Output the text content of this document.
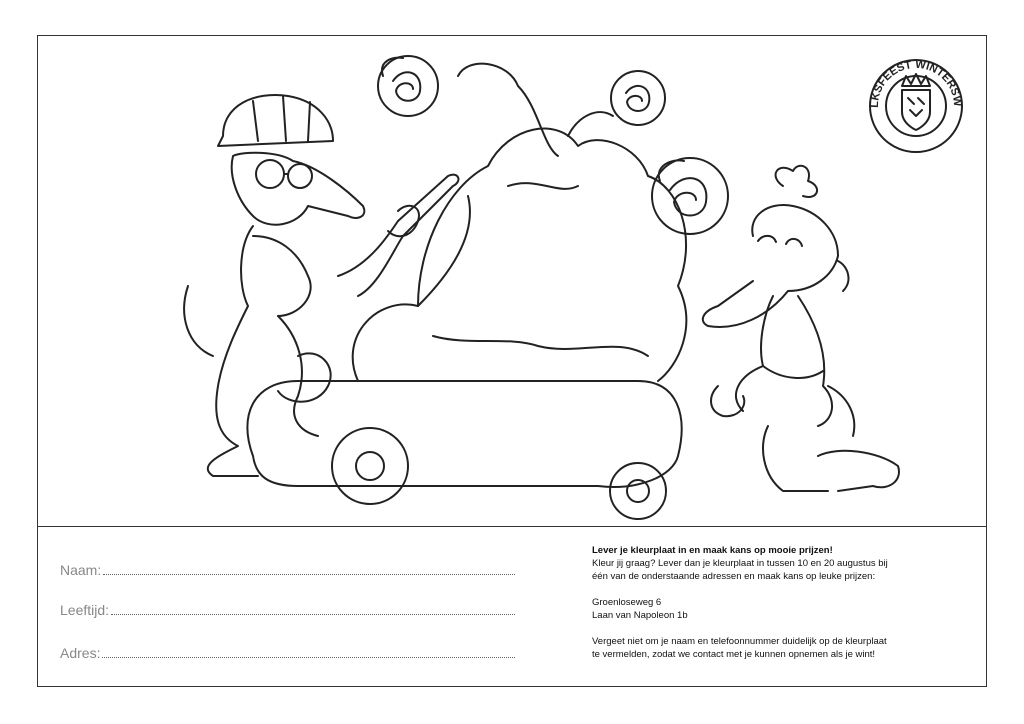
VOLKSFEEST WINTERSWIJK
Naam:
Leeftijd:
Adres:

Lever je kleurplaat in en maak kans op mooie prijzen!

Kleur jij graag? Lever dan je kleurplaat in tussen 10 en 20 augustus bij

één van de onderstaande adressen en maak kans op leuke prijzen:

Groenloseweg 6

Laan van Napoleon 1b

Vergeet niet om je naam en telefoonnummer duidelijk op de kleurplaat

te vermelden, zodat we contact met je kunnen opnemen als je wint!
